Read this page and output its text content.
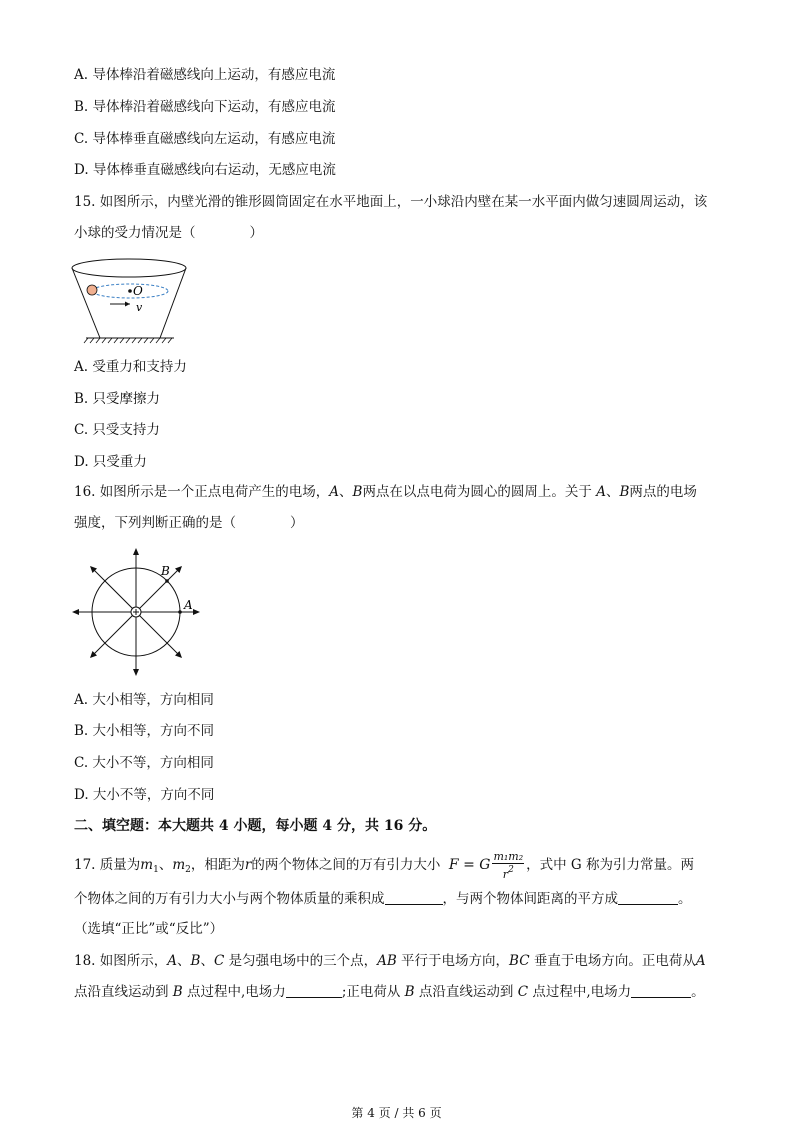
A. 导体棒沿着磁感线向上运动，有感应电流
B. 导体棒沿着磁感线向下运动，有感应电流
C. 导体棒垂直磁感线向左运动，有感应电流
D. 导体棒垂直磁感线向右运动，无感应电流
15. 如图所示，内壁光滑的锥形圆筒固定在水平地面上，一小球沿内壁在某一水平面内做匀速圆周运动，该
小球的受力情况是（　　　　）
O
v
A. 受重力和支持力
B. 只受摩擦力
C. 只受支持力
D. 只受重力
16. 如图所示是一个正点电荷产生的电场，A、B两点在以点电荷为圆心的圆周上。关于 A、B两点的电场
强度，下列判断正确的是（　　　　）
B
A
A. 大小相等，方向相同
B. 大小相等，方向不同
C. 大小不等，方向相同
D. 大小不等，方向不同
二、填空题：本大题共 4 小题，每小题 4 分，共 16 分。
17. 质量为$m_1$、$m_2$，相距为r的两个物体之间的万有引力大小 F = G $\frac{\text{m₁m₂}}{r^2}$ ，式中 G 称为引力常量。两
个物体之间的万有引力大小与两个物体质量的乘积成	，与两个物体间距离的平方成	。
（选填“正比”或“反比”）
18. 如图所示，A、B、C 是匀强电场中的三个点，AB 平行于电场方向，BC 垂直于电场方向。正电荷从A
点沿直线运动到 B 点过程中,电场力	;正电荷从 B 点沿直线运动到 C 点过程中,电场力	。
第 4 页 / 共 6 页
